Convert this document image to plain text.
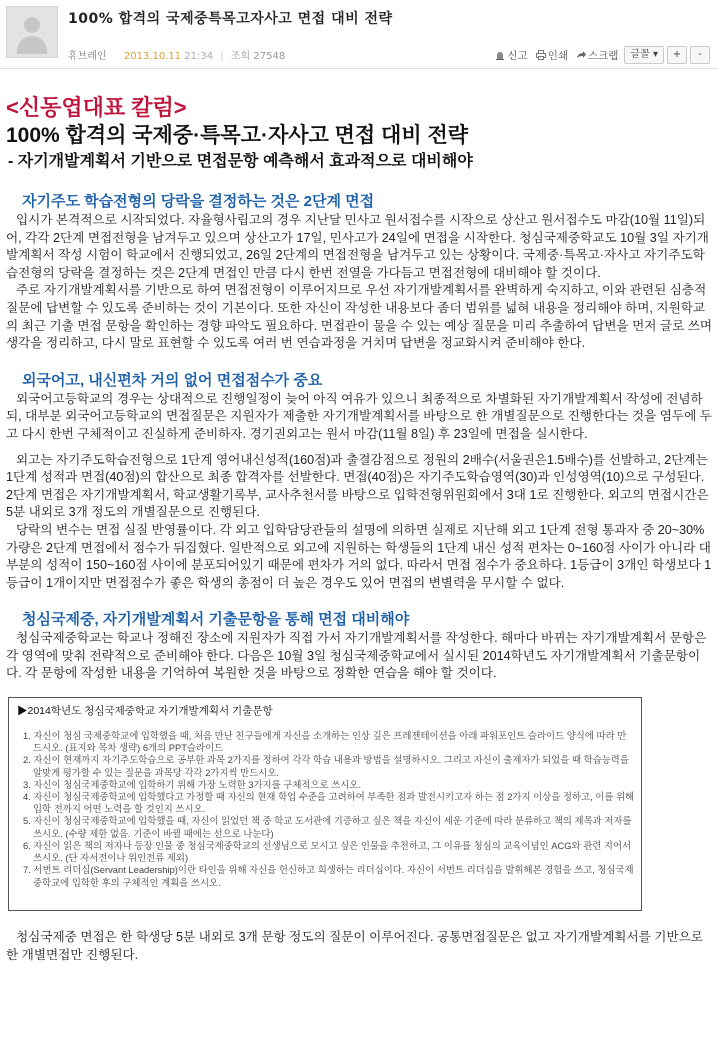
100% 합격의 국제중특목고자사고 면접 대비 전략
휴브레인 2013.10.11 21:34 | 조회 27548	신고 인쇄 스크랩	글꼴 ▾	+	-

<신동엽대표 칼럼>

100% 합격의 국제중·특목고·자사고 면접 대비 전략

- 자기개발계획서 기반으로 면접문항 예측해서 효과적으로 대비해야

자기주도 학습전형의 당락을 결정하는 것은 2단계 면접

입시가 본격적으로 시작되었다. 자율형사립고의 경우 지난달 민사고 원서접수를 시작으로 상산고 원서접수도 마감(10월 11일)되어, 각각 2단계 면접전형을 남겨두고 있으며 상산고가 17일, 민사고가 24일에 면접을 시작한다. 청심국제중학교도 10월 3일 자기개발계획서 작성 시험이 학교에서 진행되었고, 26일 2단계의 면접전형을 남겨두고 있는 상황이다. 국제중·특목고·자사고 자기주도학습전형의 당락을 결정하는 것은 2단계 면접인 만큼 다시 한번 전열을 가다듬고 면접전형에 대비해야 할 것이다.

주로 자기개발계획서를 기반으로 하여 면접전형이 이루어지므로 우선 자기개발계획서를 완벽하게 숙지하고, 이와 관련된 심층적 질문에 답변할 수 있도록 준비하는 것이 기본이다. 또한 자신이 작성한 내용보다 좀더 범위를 넓혀 내용을 정리해야 하며, 지원학교의 최근 기출 면접 문항을 확인하는 경향 파악도 필요하다. 면접관이 물을 수 있는 예상 질문을 미리 추출하여 답변을 먼저 글로 쓰며 생각을 정리하고, 다시 말로 표현할 수 있도록 여러 번 연습과정을 거치며 답변을 정교화시켜 준비해야 한다.

외국어고, 내신편차 거의 없어 면접점수가 중요

외국어고등학교의 경우는 상대적으로 진행일정이 늦어 아직 여유가 있으니 최종적으로 차별화된 자기개발계획서 작성에 전념하되, 대부분 외국어고등학교의 면접질문은 지원자가 제출한 자기개발계획서를 바탕으로 한 개별질문으로 진행한다는 것을 염두에 두고 다시 한번 구체적이고 진실하게 준비하자. 경기권외고는 원서 마감(11월 8일) 후 23일에 면접을 실시한다.

외고는 자기주도학습전형으로 1단계 영어내신성적(160점)과 출결감점으로 정원의 2배수(서울권은1.5배수)를 선발하고, 2단계는 1단계 성적과 면접(40점)의 합산으로 최종 합격자를 선발한다. 면접(40점)은 자기주도학습영역(30)과 인성영역(10)으로 구성된다. 2단계 면접은 자기개발계획서, 학교생활기록부, 교사추천서를 바탕으로 입학전형위원회에서 3대 1로 진행한다. 외고의 면접시간은 5분 내외로 3개 정도의 개별질문으로 진행된다.

당락의 변수는 면접 실질 반영률이다. 각 외고 입학담당관들의 설명에 의하면 실제로 지난해 외고 1단계 전형 통과자 중 20~30%가량은 2단계 면접에서 점수가 뒤집혔다. 일반적으로 외고에 지원하는 학생들의 1단계 내신 성적 편차는 0~160점 사이가 아니라 대부분의 성적이 150~160점 사이에 분포되어있기 때문에 편차가 거의 없다. 따라서 면접 점수가 중요하다. 1등급이 3개인 학생보다 1등급이 1개이지만 면접점수가 좋은 학생의 총점이 더 높은 경우도 있어 면접의 변별력을 무시할 수 없다.

청심국제중, 자기개발계획서 기출문항을 통해 면접 대비해야

청심국제중학교는 학교나 정해진 장소에 지원자가 직접 가서 자기개발계획서를 작성한다. 해마다 바뀌는 자기개발계획서 문항은 각 영역에 맞춰 전략적으로 준비해야 한다. 다음은 10월 3일 청심국제중학교에서 실시된 2014학년도 자기개발계획서 기출문항이다. 각 문항에 작성한 내용을 기억하여 복원한 것을 바탕으로 정확한 연습을 해야 할 것이다.

▶2014학년도 청심국제중학교 자기개발계획서 기출문항

1. 자신이 청심 국제중학교에 입학했을 때, 처음 만난 친구들에게 자신을 소개하는 인상 깊은 프레젠테이션을 아래 파워포인트 슬라이드 양식에 따라 만드시오. (표지와 목차 생략) 6개의 PPT슬라이드

2. 자신이 현재까지 자기주도학습으로 공부한 과목 2가지를 정하여 각각 학습 내용과 방법을 설명하시오. 그리고 자신이 출제자가 되었을 때 학습능력을 알맞게 평가할 수 있는 질문을 과목당 각각 2가지씩 만드시오.

3. 자신이 청심국제중학교에 입학하기 위해 가장 노력한 3가지를 구체적으로 쓰시오.

4. 자신이 청심국제중학교에 입학했다고 가정할 때 자신의 현재 학업 수준을 고려하여 부족한 점과 발전시키고자 하는 점 2가지 이상을 정하고, 이를 위해 입학 전까지 어떤 노력을 할 것인지 쓰시오.

5. 자신이 청심국제중학교에 입학했을 때, 자신이 읽었던 책 중 학교 도서관에 기증하고 싶은 책을 자신이 세운 기준에 따라 분류하고 책의 제목과 저자를 쓰시오. (수량 제한 없음. 기준이 바뀔 때에는 선으로 나눈다)

6. 자신이 읽은 책의 저자나 등장 인물 중 청심국제중학교의 선생님으로 모시고 싶은 인물을 추천하고, 그 이유를 청심의 교육이념인 ACG와 관련 지어서 쓰시오. (단 자서전이나 위인전류 제외)

7. 서번트 리더십(Servant Leadership)이란 타인을 위해 자신을 헌신하고 희생하는 리더십이다. 자신이 서번트 리더십을 발휘해본 경험을 쓰고, 청심국제중학교에 입학한 후의 구체적인 계획을 쓰시오.

청심국제중 면접은 한 학생당 5분 내외로 3개 문항 정도의 질문이 이루어진다. 공통면접질문은 없고 자기개발계획서를 기반으로 한 개별면접만 진행된다.
